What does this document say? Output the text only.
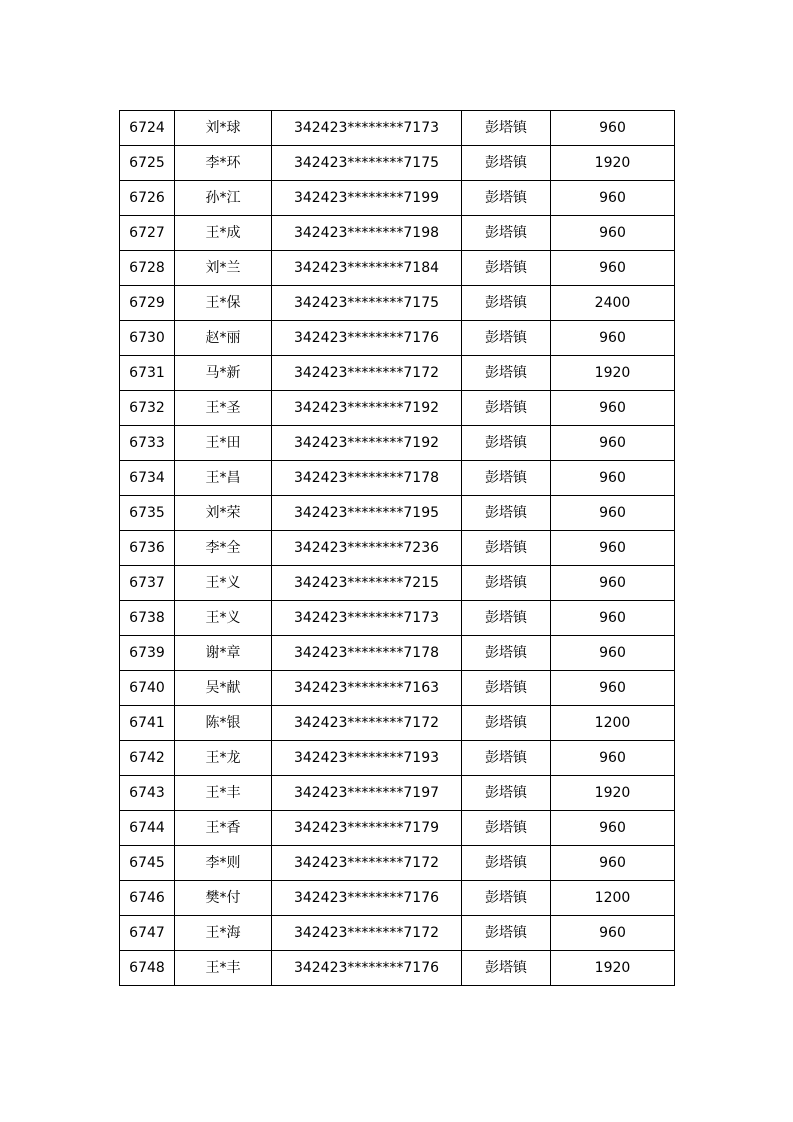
6724	刘*球	342423********7173	彭塔镇	960
6725	李*环	342423********7175	彭塔镇	1920
6726	孙*江	342423********7199	彭塔镇	960
6727	王*成	342423********7198	彭塔镇	960
6728	刘*兰	342423********7184	彭塔镇	960
6729	王*保	342423********7175	彭塔镇	2400
6730	赵*丽	342423********7176	彭塔镇	960
6731	马*新	342423********7172	彭塔镇	1920
6732	王*圣	342423********7192	彭塔镇	960
6733	王*田	342423********7192	彭塔镇	960
6734	王*昌	342423********7178	彭塔镇	960
6735	刘*荣	342423********7195	彭塔镇	960
6736	李*全	342423********7236	彭塔镇	960
6737	王*义	342423********7215	彭塔镇	960
6738	王*义	342423********7173	彭塔镇	960
6739	谢*章	342423********7178	彭塔镇	960
6740	吴*献	342423********7163	彭塔镇	960
6741	陈*银	342423********7172	彭塔镇	1200
6742	王*龙	342423********7193	彭塔镇	960
6743	王*丰	342423********7197	彭塔镇	1920
6744	王*香	342423********7179	彭塔镇	960
6745	李*则	342423********7172	彭塔镇	960
6746	樊*付	342423********7176	彭塔镇	1200
6747	王*海	342423********7172	彭塔镇	960
6748	王*丰	342423********7176	彭塔镇	1920
